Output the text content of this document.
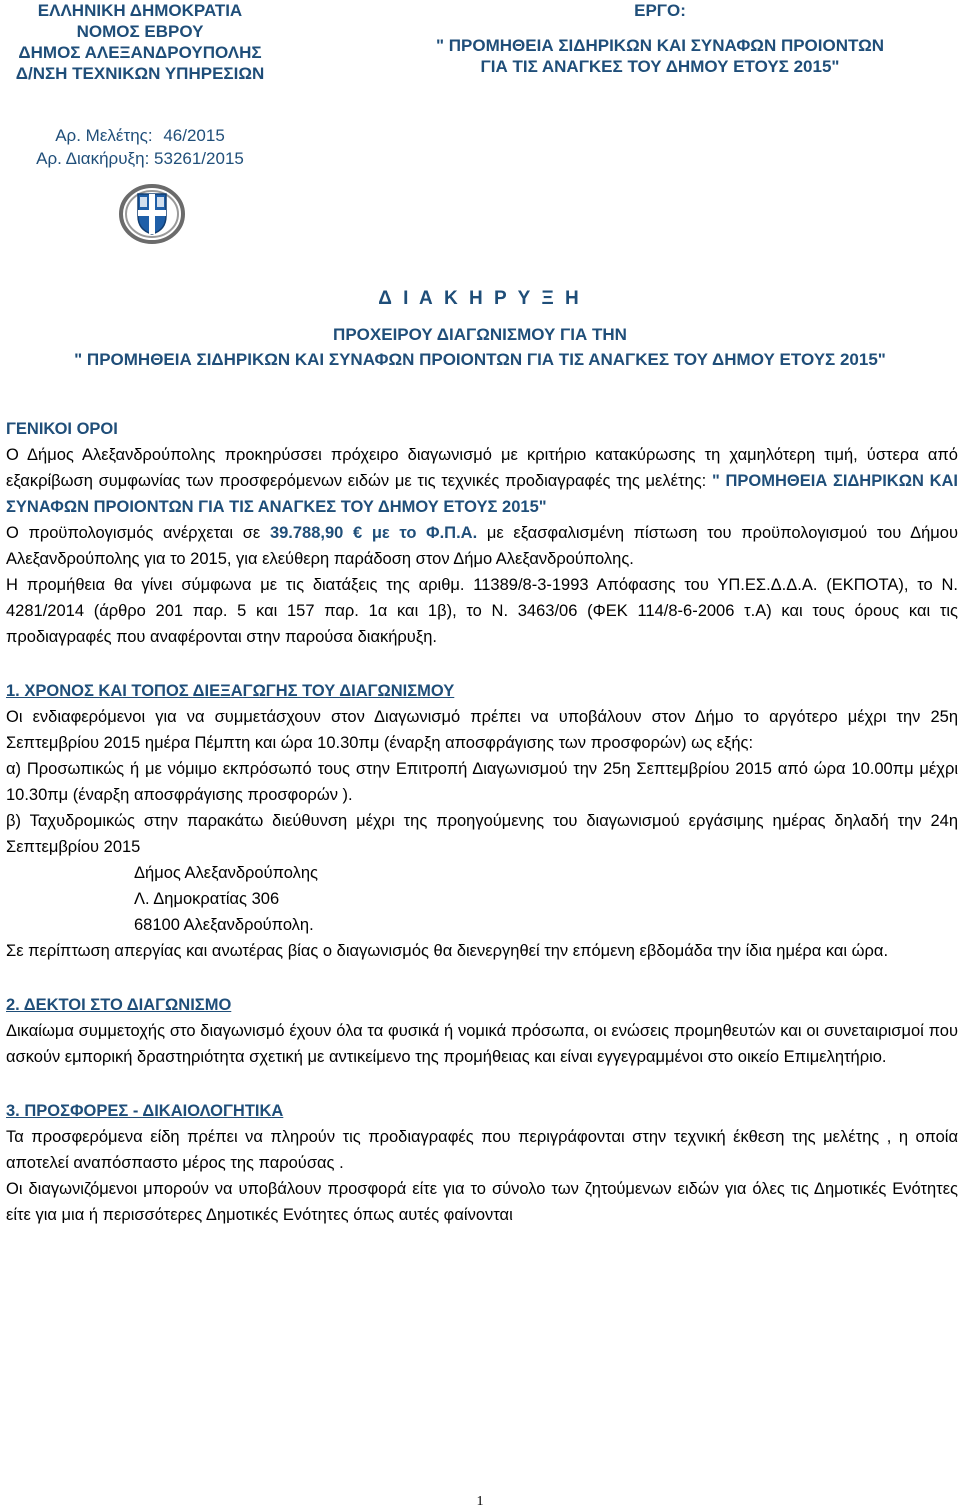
ΕΛΛΗΝΙΚΗ ΔΗΜΟΚΡΑΤΙΑ
ΝΟΜΟΣ ΕΒΡΟΥ
ΔΗΜΟΣ ΑΛΕΞΑΝΔΡΟΥΠΟΛΗΣ
Δ/ΝΣΗ ΤΕΧΝΙΚΩΝ ΥΠΗΡΕΣΙΩΝ
ΕΡΓΟ:
" ΠΡΟΜΗΘΕΙΑ ΣΙΔΗΡΙΚΩΝ ΚΑΙ ΣΥΝΑΦΩΝ ΠΡΟΙΟΝΤΩΝ
ΓΙΑ ΤΙΣ ΑΝΑΓΚΕΣ ΤΟΥ ΔΗΜΟΥ ΕΤΟΥΣ 2015"
Αρ. Μελέτης: 46/2015
Αρ. Διακήρυξη: 53261/2015
Δ Ι Α Κ Η Ρ Υ Ξ Η
ΠΡΟΧΕΙΡΟΥ ΔΙΑΓΩΝΙΣΜΟΥ ΓΙΑ ΤΗΝ
" ΠΡΟΜΗΘΕΙΑ ΣΙΔΗΡΙΚΩΝ ΚΑΙ ΣΥΝΑΦΩΝ ΠΡΟΙΟΝΤΩΝ ΓΙΑ ΤΙΣ ΑΝΑΓΚΕΣ ΤΟΥ ΔΗΜΟΥ ΕΤΟΥΣ 2015"

ΓΕΝΙΚΟΙ ΟΡΟΙ

Ο Δήμος Αλεξανδρούπολης προκηρύσσει πρόχειρο διαγωνισμό με κριτήριο κατακύρωσης τη χαμηλότερη τιμή, ύστερα από εξακρίβωση συμφωνίας των προσφερόμενων ειδών με τις τεχνικές προδιαγραφές της μελέτης: " ΠΡΟΜΗΘΕΙΑ ΣΙΔΗΡΙΚΩΝ ΚΑΙ ΣΥΝΑΦΩΝ ΠΡΟΙΟΝΤΩΝ ΓΙΑ ΤΙΣ ΑΝΑΓΚΕΣ ΤΟΥ ΔΗΜΟΥ ΕΤΟΥΣ 2015"

Ο προϋπολογισμός ανέρχεται σε 39.788,90 € με το Φ.Π.Α. με εξασφαλισμένη πίστωση του προϋπολογισμού του Δήμου Αλεξανδρούπολης για το 2015, για ελεύθερη παράδοση στον Δήμο Αλεξανδρούπολης.

Η προμήθεια θα γίνει σύμφωνα με τις διατάξεις της αριθμ. 11389/8-3-1993 Απόφασης του ΥΠ.ΕΣ.Δ.Δ.Α. (ΕΚΠΟΤΑ), το Ν. 4281/2014 (άρθρο 201 παρ. 5 και 157 παρ. 1α και 1β), το Ν. 3463/06 (ΦΕΚ 114/8-6-2006 τ.Α) και τους όρους και τις προδιαγραφές που αναφέρονται στην παρούσα διακήρυξη.

1. ΧΡΟΝΟΣ ΚΑΙ ΤΟΠΟΣ ΔΙΕΞΑΓΩΓΗΣ ΤΟΥ ΔΙΑΓΩΝΙΣΜΟΥ

Οι ενδιαφερόμενοι για να συμμετάσχουν στον Διαγωνισμό πρέπει να υποβάλουν στον Δήμο το αργότερο μέχρι την 25η Σεπτεμβρίου 2015 ημέρα Πέμπτη και ώρα 10.30πμ (έναρξη αποσφράγισης των προσφορών) ως εξής:

α) Προσωπικώς ή με νόμιμο εκπρόσωπό τους στην Επιτροπή Διαγωνισμού την 25η Σεπτεμβρίου 2015 από ώρα 10.00πμ μέχρι 10.30πμ (έναρξη αποσφράγισης προσφορών ).

β) Ταχυδρομικώς στην παρακάτω διεύθυνση μέχρι της προηγούμενης του διαγωνισμού εργάσιμης ημέρας δηλαδή την 24η Σεπτεμβρίου 2015

Δήμος Αλεξανδρούπολης

Λ. Δημοκρατίας 306

68100 Αλεξανδρούπολη.

Σε περίπτωση απεργίας και ανωτέρας βίας ο διαγωνισμός θα διενεργηθεί την επόμενη εβδομάδα την ίδια ημέρα και ώρα.

2. ΔΕΚΤΟΙ ΣΤΟ ΔΙΑΓΩΝΙΣΜΟ

Δικαίωμα συμμετοχής στο διαγωνισμό έχουν όλα τα φυσικά ή νομικά πρόσωπα, οι ενώσεις προμηθευτών και οι συνεταιρισμοί που ασκούν εμπορική δραστηριότητα σχετική με αντικείμενο της προμήθειας και είναι εγγεγραμμένοι στο οικείο Επιμελητήριο.

3. ΠΡΟΣΦΟΡΕΣ - ΔΙΚΑΙΟΛΟΓΗΤΙΚΑ

Τα προσφερόμενα είδη πρέπει να πληρούν τις προδιαγραφές που περιγράφονται στην τεχνική έκθεση της μελέτης , η οποία αποτελεί αναπόσπαστο μέρος της παρούσας .

Οι διαγωνιζόμενοι μπορούν να υποβάλουν προσφορά είτε για το σύνολο των ζητούμενων ειδών για όλες τις Δημοτικές Ενότητες είτε για μια ή περισσότερες Δημοτικές Ενότητες όπως αυτές φαίνονται

1
